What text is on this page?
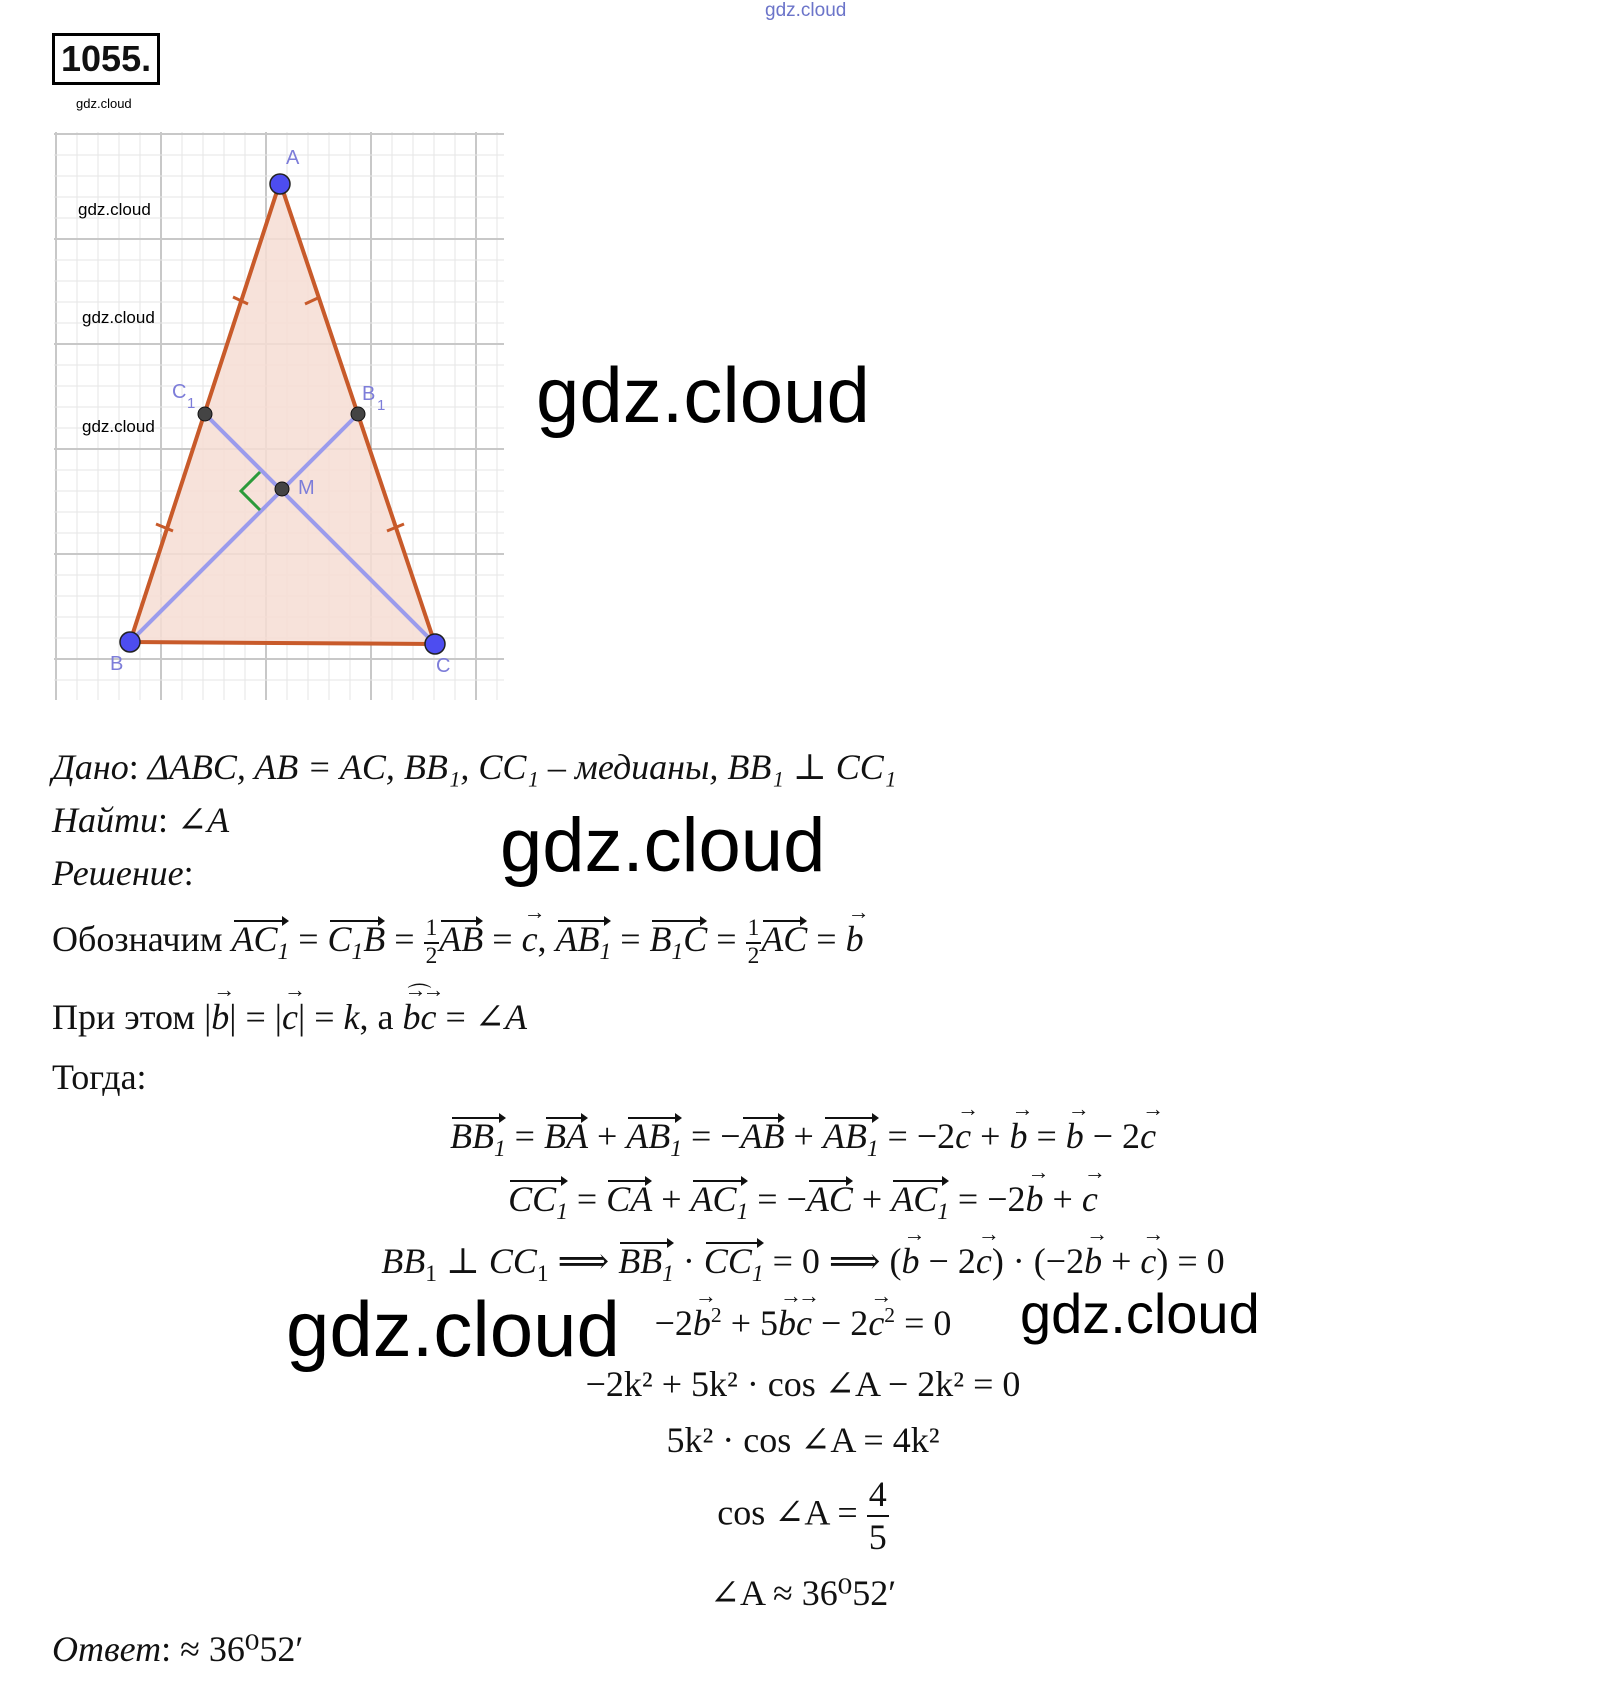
gdz.cloud
1055.
gdz.cloud
A
B	C
C
1	B
1
M
gdz.cloud
gdz.cloud
gdz.cloud	gdz.cloud
Дано: ΔABC, AB = AC, BB₁, CC₁ – медианы, BB₁ ⊥ CC₁
Найти: ∠A	gdz.cloud
Решение:
Обозначим $AC_1 = C_1B = \frac{1}{2}$ AB = c →, $AB_1 = B_1C = \frac{1}{2}$ AC = b →
При этом |b →| = |c →| = k, а ⌒
b →c → = ∠A
Тогда:
$BB_1$ = BA + $AB_1 = -AB + AB_1 = -2c$ → + b → = b → − 2c →
$CC_1$ = CA + $AC_1 = -AC + AC_1 = -2b$ → + c →
$BB_1$ ⊥ $CC_1$ ⟹ $BB_1 \cdot CC_1 = 0$ ⟹ (b → − 2c →) · (−2b → + c →) = 0
−2b →$^2$ + 5b →c → − 2c →$^2$ = 0
gdz.cloud	gdz.cloud
−2k² + 5k² · cos ∠A − 2k² = 0
5k² · cos ∠A = 4k²
cos ∠A = $\frac{4}{5}$
∠A ≈ 36⁰52′
Ответ: ≈ 36⁰52′
